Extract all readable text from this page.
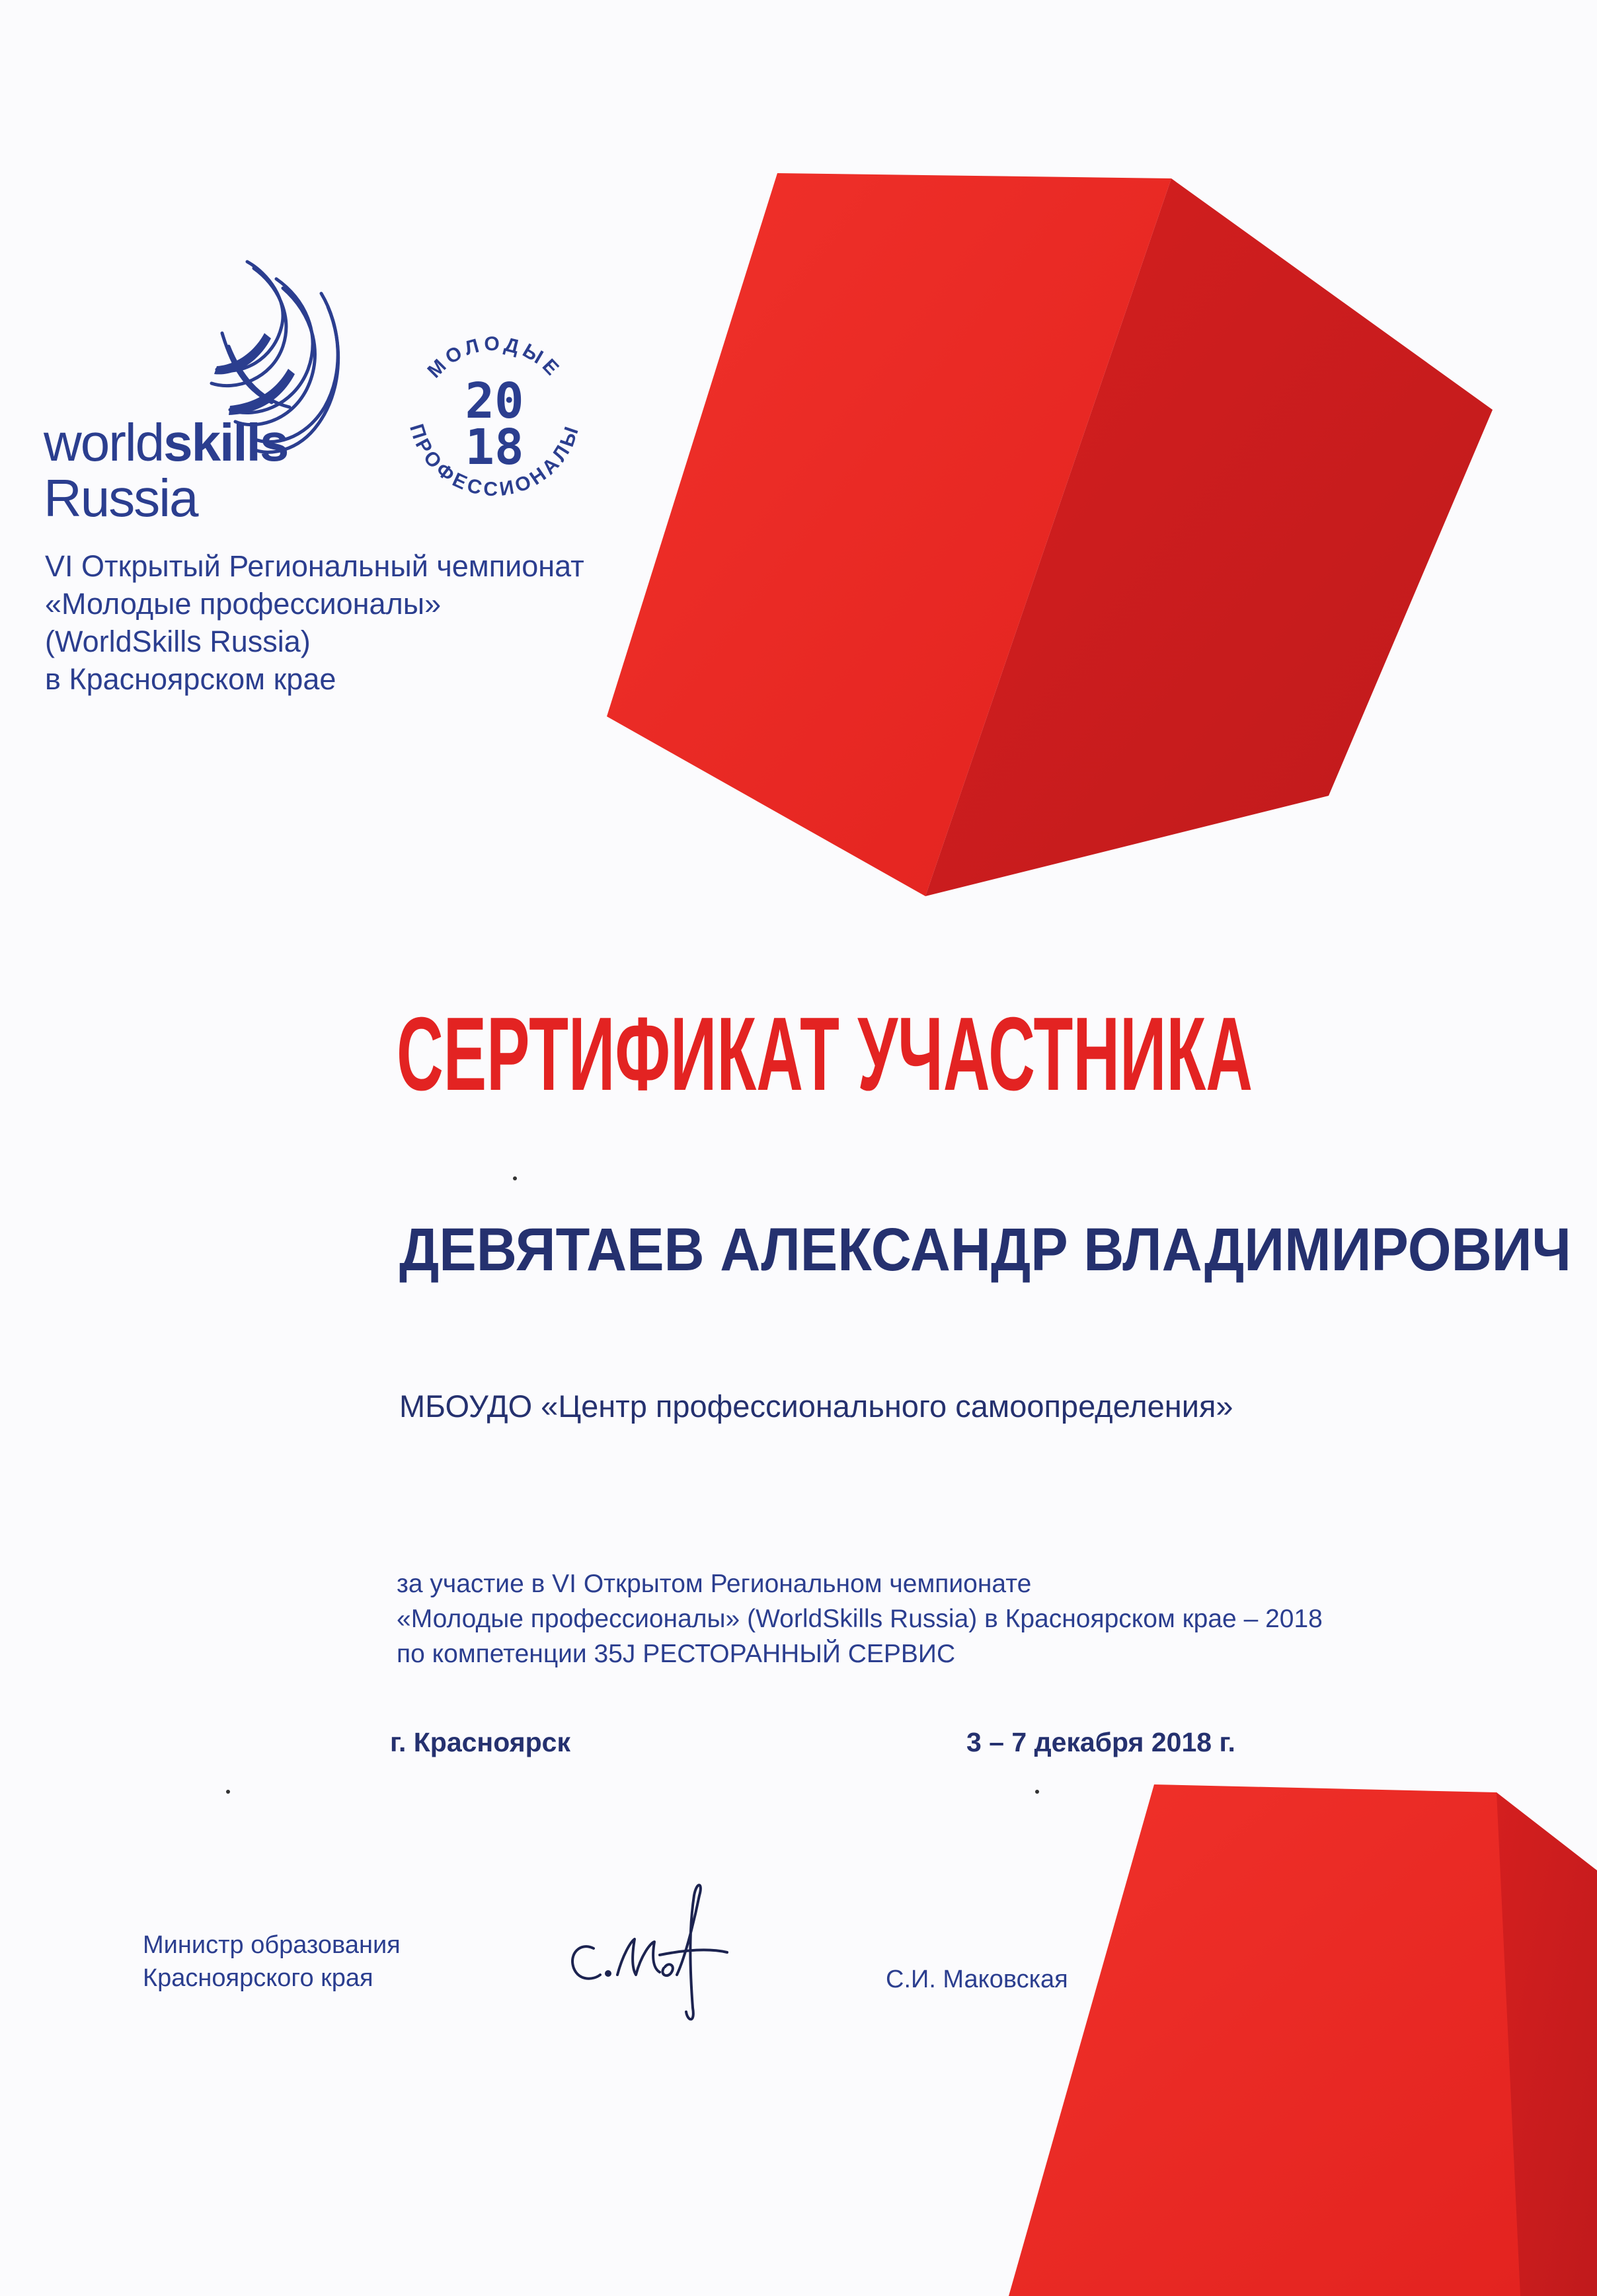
worldskills
Russia
МОЛОДЫЕ
ПРОФЕССИОНАЛЫ
20
18
VI Открытый Региональный чемпионат
«Молодые профессионалы»
(WorldSkills Russia)
в Красноярском крае
СЕРТИФИКАТ УЧАСТНИКА
ДЕВЯТАЕВ АЛЕКСАНДР ВЛАДИМИРОВИЧ
МБОУДО «Центр профессионального самоопределения»
за участие в VI Открытом Региональном чемпионате
«Молодые профессионалы» (WorldSkills Russia) в Красноярском крае – 2018
по компетенции 35J РЕСТОРАННЫЙ СЕРВИС
г. Красноярск	3 – 7 декабря 2018 г.
Министр образования
Красноярского края	С.И. Маковская
